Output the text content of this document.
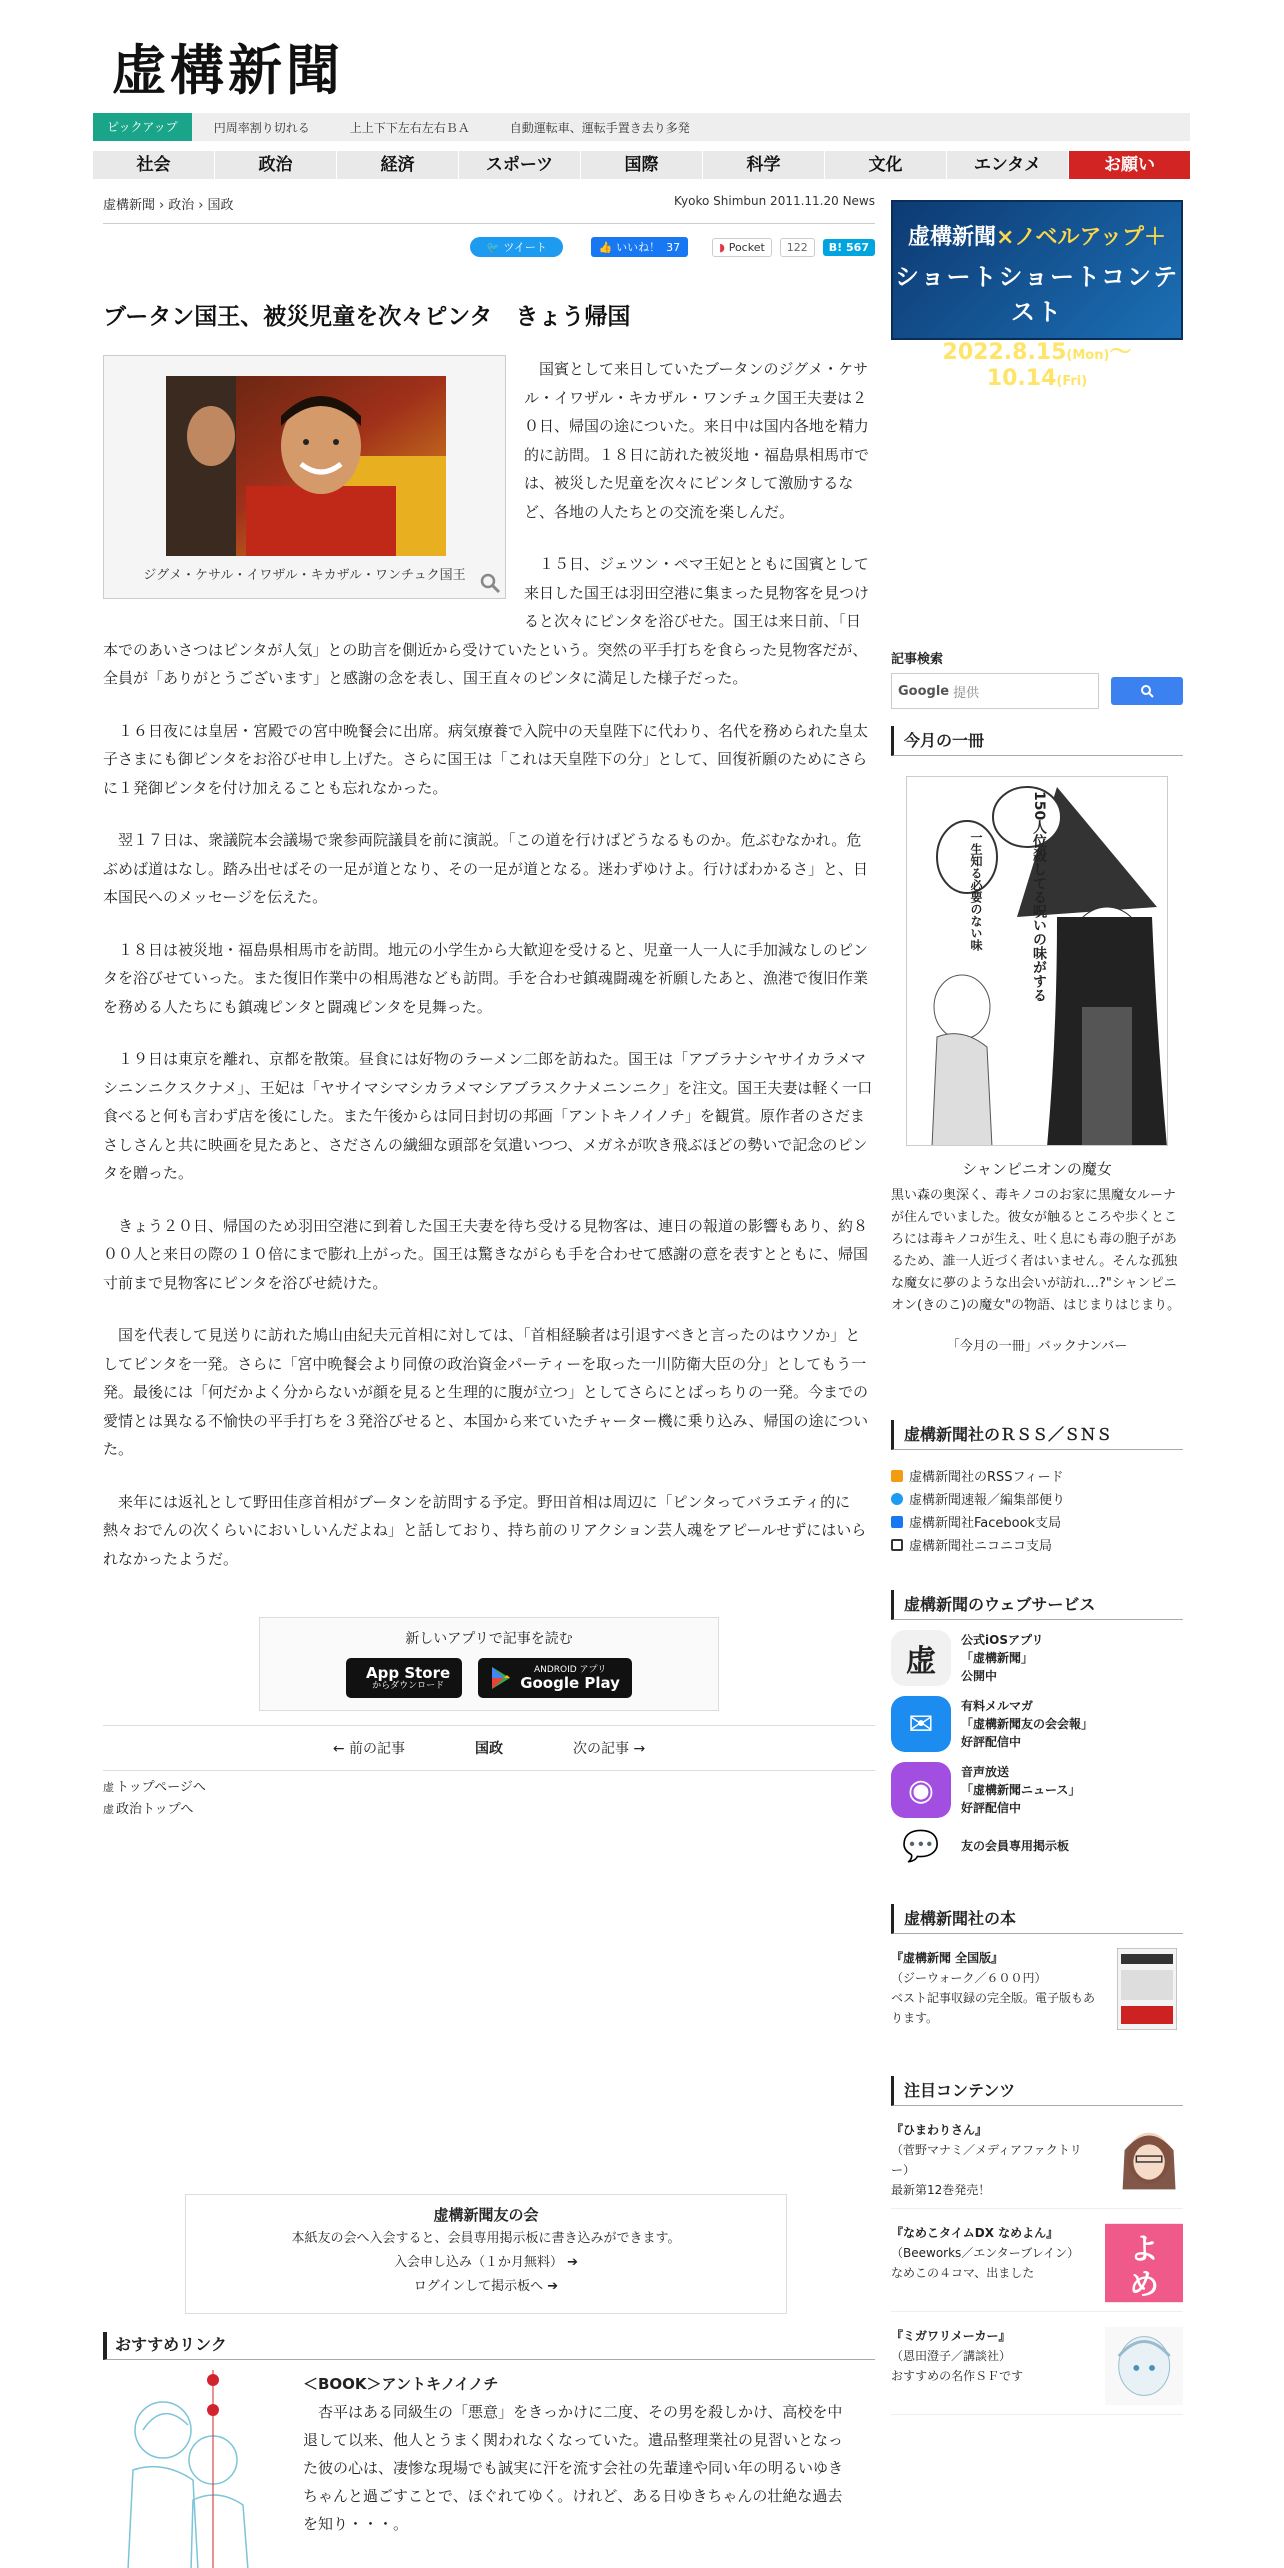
虚構新聞
ピックアップ	円周率割り切れる	上上下下左右左右ＢＡ	自動運転車、運転手置き去り多発
社会	政治	経済	スポーツ	国際	科学	文化	エンタメ	お願い
虚構新聞 › 政治 › 国政	Kyoko Shimbun 2011.11.20 News
🐦 ツイート	👍 いいね！ 37	◗ Pocket	122	B! 567
ブータン国王、被災児童を次々ピンタ　きょう帰国
ジグメ・ケサル・イワザル・キカザル・ワンチュク国王

国賓として来日していたブータンのジグメ・ケサル・イワザル・キカザル・ワンチュク国王夫妻は２０日、帰国の途についた。来日中は国内各地を精力的に訪問。１８日に訪れた被災地・福島県相馬市では、被災した児童を次々にピンタして激励するなど、各地の人たちとの交流を楽しんだ。

１５日、ジェツン・ペマ王妃とともに国賓として来日した国王は羽田空港に集まった見物客を見つけると次々にピンタを浴びせた。国王は来日前、「日本でのあいさつはピンタが人気」との助言を側近から受けていたという。突然の平手打ちを食らった見物客だが、全員が「ありがとうございます」と感謝の念を表し、国王直々のピンタに満足した様子だった。

１６日夜には皇居・宮殿での宮中晩餐会に出席。病気療養で入院中の天皇陛下に代わり、名代を務められた皇太子さまにも御ピンタをお浴びせ申し上げた。さらに国王は「これは天皇陛下の分」として、回復祈願のためにさらに１発御ピンタを付け加えることも忘れなかった。

翌１７日は、衆議院本会議場で衆参両院議員を前に演説。「この道を行けばどうなるものか。危ぶむなかれ。危ぶめば道はなし。踏み出せばその一足が道となり、その一足が道となる。迷わずゆけよ。行けばわかるさ」と、日本国民へのメッセージを伝えた。

１８日は被災地・福島県相馬市を訪問。地元の小学生から大歓迎を受けると、児童一人一人に手加減なしのピンタを浴びせていった。また復旧作業中の相馬港なども訪問。手を合わせ鎮魂闘魂を祈願したあと、漁港で復旧作業を務める人たちにも鎮魂ピンタと闘魂ピンタを見舞った。

１９日は東京を離れ、京都を散策。昼食には好物のラーメン二郎を訪ねた。国王は「アブラナシヤサイカラメマシニンニクスクナメ」、王妃は「ヤサイマシマシカラメマシアブラスクナメニンニク」を注文。国王夫妻は軽く一口食べると何も言わず店を後にした。また午後からは同日封切の邦画「アントキノイノチ」を観賞。原作者のさだまさしさんと共に映画を見たあと、さださんの繊細な頭部を気遣いつつ、メガネが吹き飛ぶほどの勢いで記念のピンタを贈った。

きょう２０日、帰国のため羽田空港に到着した国王夫妻を待ち受ける見物客は、連日の報道の影響もあり、約８００人と来日の際の１０倍にまで膨れ上がった。国王は驚きながらも手を合わせて感謝の意を表すとともに、帰国寸前まで見物客にピンタを浴びせ続けた。

国を代表して見送りに訪れた鳩山由紀夫元首相に対しては、「首相経験者は引退すべきと言ったのはウソか」としてピンタを一発。さらに「宮中晩餐会より同僚の政治資金パーティーを取った一川防衛大臣の分」としてもう一発。最後には「何だかよく分からないが顔を見ると生理的に腹が立つ」としてさらにとばっちりの一発。今までの愛情とは異なる不愉快の平手打ちを３発浴びせると、本国から来ていたチャーター機に乗り込み、帰国の途についた。

来年には返礼として野田佳彦首相がブータンを訪問する予定。野田首相は周辺に「ピンタってバラエティ的に熱々おでんの次くらいにおいしいんだよね」と話しており、持ち前のリアクション芸人魂をアピールせずにはいられなかったようだ。

新しいアプリで記事を読む
App Store
からダウンロード
ANDROID アプリ
Google Play
← 前の記事	国政	次の記事 →
虚 トップページへ
虚 政治トップへ
虚構新聞友の会
本紙友の会へ入会すると、会員専用掲示板に書き込みができます。
入会申し込み（１か月無料） ➔
ログインして掲示板へ ➔
おすすめリンク
＜BOOK＞アントキノイノチ
杏平はある同級生の「悪意」をきっかけに二度、その男を殺しかけ、高校を中退して以来、他人とうまく関われなくなっていた。遺品整理業社の見習いとなった彼の心は、凄惨な現場でも誠実に汗を流す会社の先輩達や同い年の明るいゆきちゃんと過ごすことで、ほぐれてゆく。けれど、ある日ゆきちゃんの壮絶な過去を知り・・・。
虚構新聞×ノベルアップ＋
ショートショートコンテスト
2022.8.15(Mon)〜10.14(Fri)
記事検索
Google 提供
今月の一冊
150人位殺してる呪いの味がする
一生知る必要のない味
シャンピニオンの魔女
黒い森の奥深く、毒キノコのお家に黒魔女ルーナが住んでいました。彼女が触るところや歩くところには毒キノコが生え、吐く息にも毒の胞子があるため、誰一人近づく者はいません。そんな孤独な魔女に夢のような出会いが訪れ…?"シャンピニオン(きのこ)の魔女"の物語、はじまりはじまり。
「今月の一冊」バックナンバー
虚構新聞社のＲＳＳ／ＳＮＳ
虚構新聞社のRSSフィード
虚構新聞速報／編集部便り
虚構新聞社Facebook支局
虚構新聞社ニコニコ支局
虚構新聞のウェブサービス
虚
公式iOSアプリ
「虚構新聞」
公開中
✉
有料メルマガ
「虚構新聞友の会会報」
好評配信中
◉
音声放送
「虚構新聞ニュース」
好評配信中
💬	友の会員専用掲示板
虚構新聞社の本
『虚構新聞 全国版』
（ジーウォーク／６００円）
ベスト記事収録の完全版。電子版もあります。
注目コンテンツ
『ひまわりさん』
（菅野マナミ／メディアファクトリー）
最新第12巻発売！
『なめこタイムDX なめよん』
（Beeworks／エンターブレイン）
なめこの４コマ、出ました
よ
め
『ミガワリメーカー』
（恩田澄子／講談社）
おすすめの名作ＳＦです
